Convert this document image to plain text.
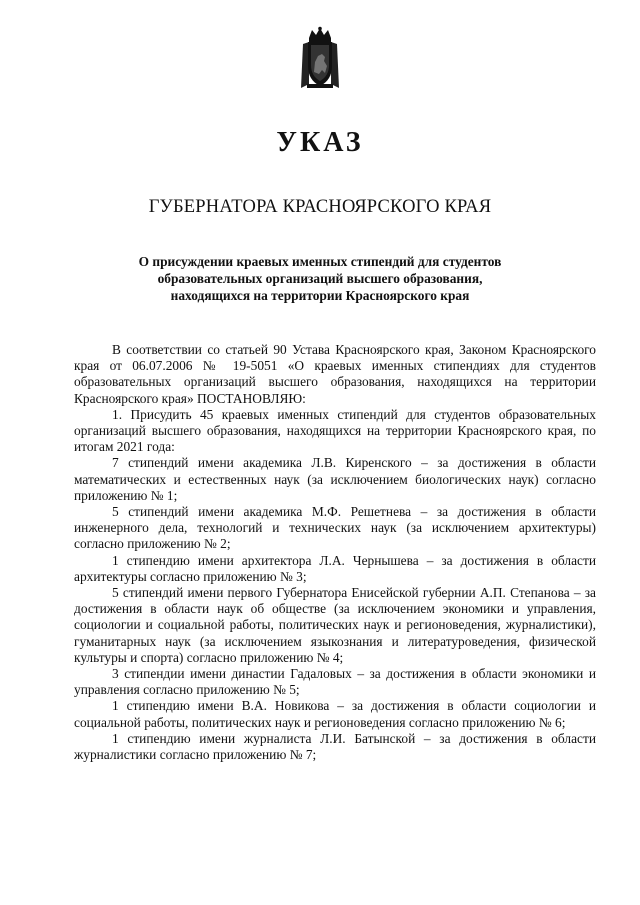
УКАЗ
ГУБЕРНАТОРА КРАСНОЯРСКОГО КРАЯ
О присуждении краевых именных стипендий для студентов
образовательных организаций высшего образования,
находящихся на территории Красноярского края

В соответствии со статьей 90 Устава Красноярского края, Законом Красноярского края от 06.07.2006 № 19-5051 «О краевых именных стипендиях для студентов образовательных организаций высшего образования, находящихся на территории Красноярского края» ПОСТАНОВЛЯЮ:

1. Присудить 45 краевых именных стипендий для студентов образовательных организаций высшего образования, находящихся на территории Красноярского края, по итогам 2021 года:

7 стипендий имени академика Л.В. Киренского – за достижения в области математических и естественных наук (за исключением биологических наук) согласно приложению № 1;

5 стипендий имени академика М.Ф. Решетнева – за достижения в области инженерного дела, технологий и технических наук (за исключением архитектуры) согласно приложению № 2;

1 стипендию имени архитектора Л.А. Чернышева – за достижения в области архитектуры согласно приложению № 3;

5 стипендий имени первого Губернатора Енисейской губернии А.П. Степанова – за достижения в области наук об обществе (за исключением экономики и управления, социологии и социальной работы, политических наук и регионоведения, журналистики), гуманитарных наук (за исключением языкознания и литературоведения, физической культуры и спорта) согласно приложению № 4;

3 стипендии имени династии Гадаловых – за достижения в области экономики и управления согласно приложению № 5;

1 стипендию имени В.А. Новикова – за достижения в области социологии и социальной работы, политических наук и регионоведения согласно приложению № 6;

1 стипендию имени журналиста Л.И. Батынской – за достижения в области журналистики согласно приложению № 7;
